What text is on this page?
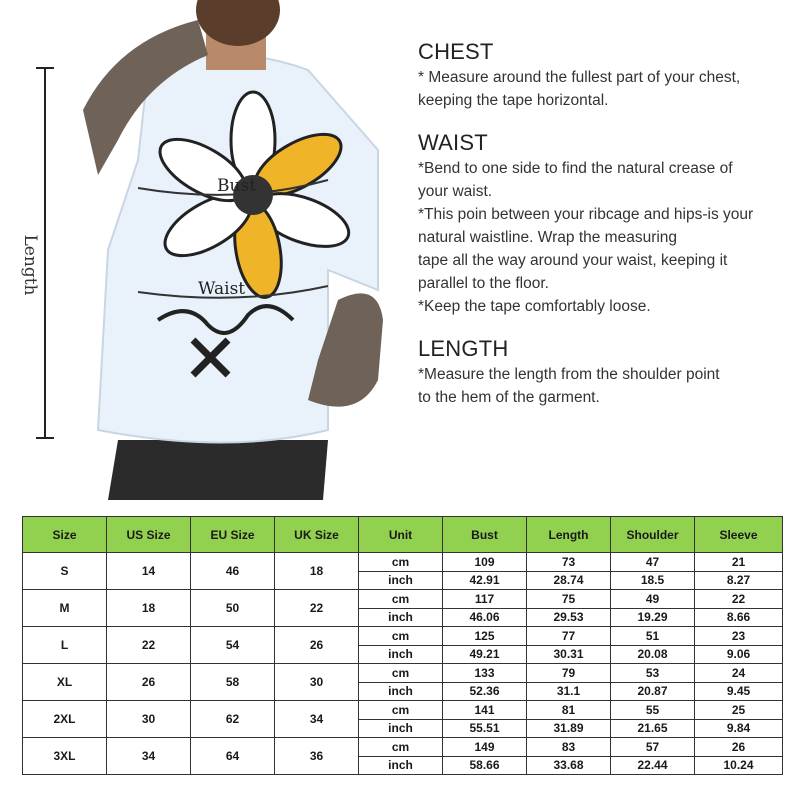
Length
Bust
Waist
CHEST
* Measure around the fullest part of your chest,
keeping the tape horizontal.
WAIST
*Bend to one side to find the natural crease of
your waist.
*This poin between your ribcage and hips-is your
natural waistline. Wrap the measuring
tape all the way around your waist, keeping it
parallel to the floor.
*Keep the tape comfortably loose.
LENGTH
*Measure the length from the shoulder point
to the hem of the garment.
Size	US Size	EU Size	UK Size	Unit	Bust	Length	Shoulder	Sleeve
S	14	46	18	cm	109	73	47	21
				inch	42.91	28.74	18.5	8.27
M	18	50	22	cm	117	75	49	22
				inch	46.06	29.53	19.29	8.66
L	22	54	26	cm	125	77	51	23
				inch	49.21	30.31	20.08	9.06
XL	26	58	30	cm	133	79	53	24
				inch	52.36	31.1	20.87	9.45
2XL	30	62	34	cm	141	81	55	25
				inch	55.51	31.89	21.65	9.84
3XL	34	64	36	cm	149	83	57	26
				inch	58.66	33.68	22.44	10.24
